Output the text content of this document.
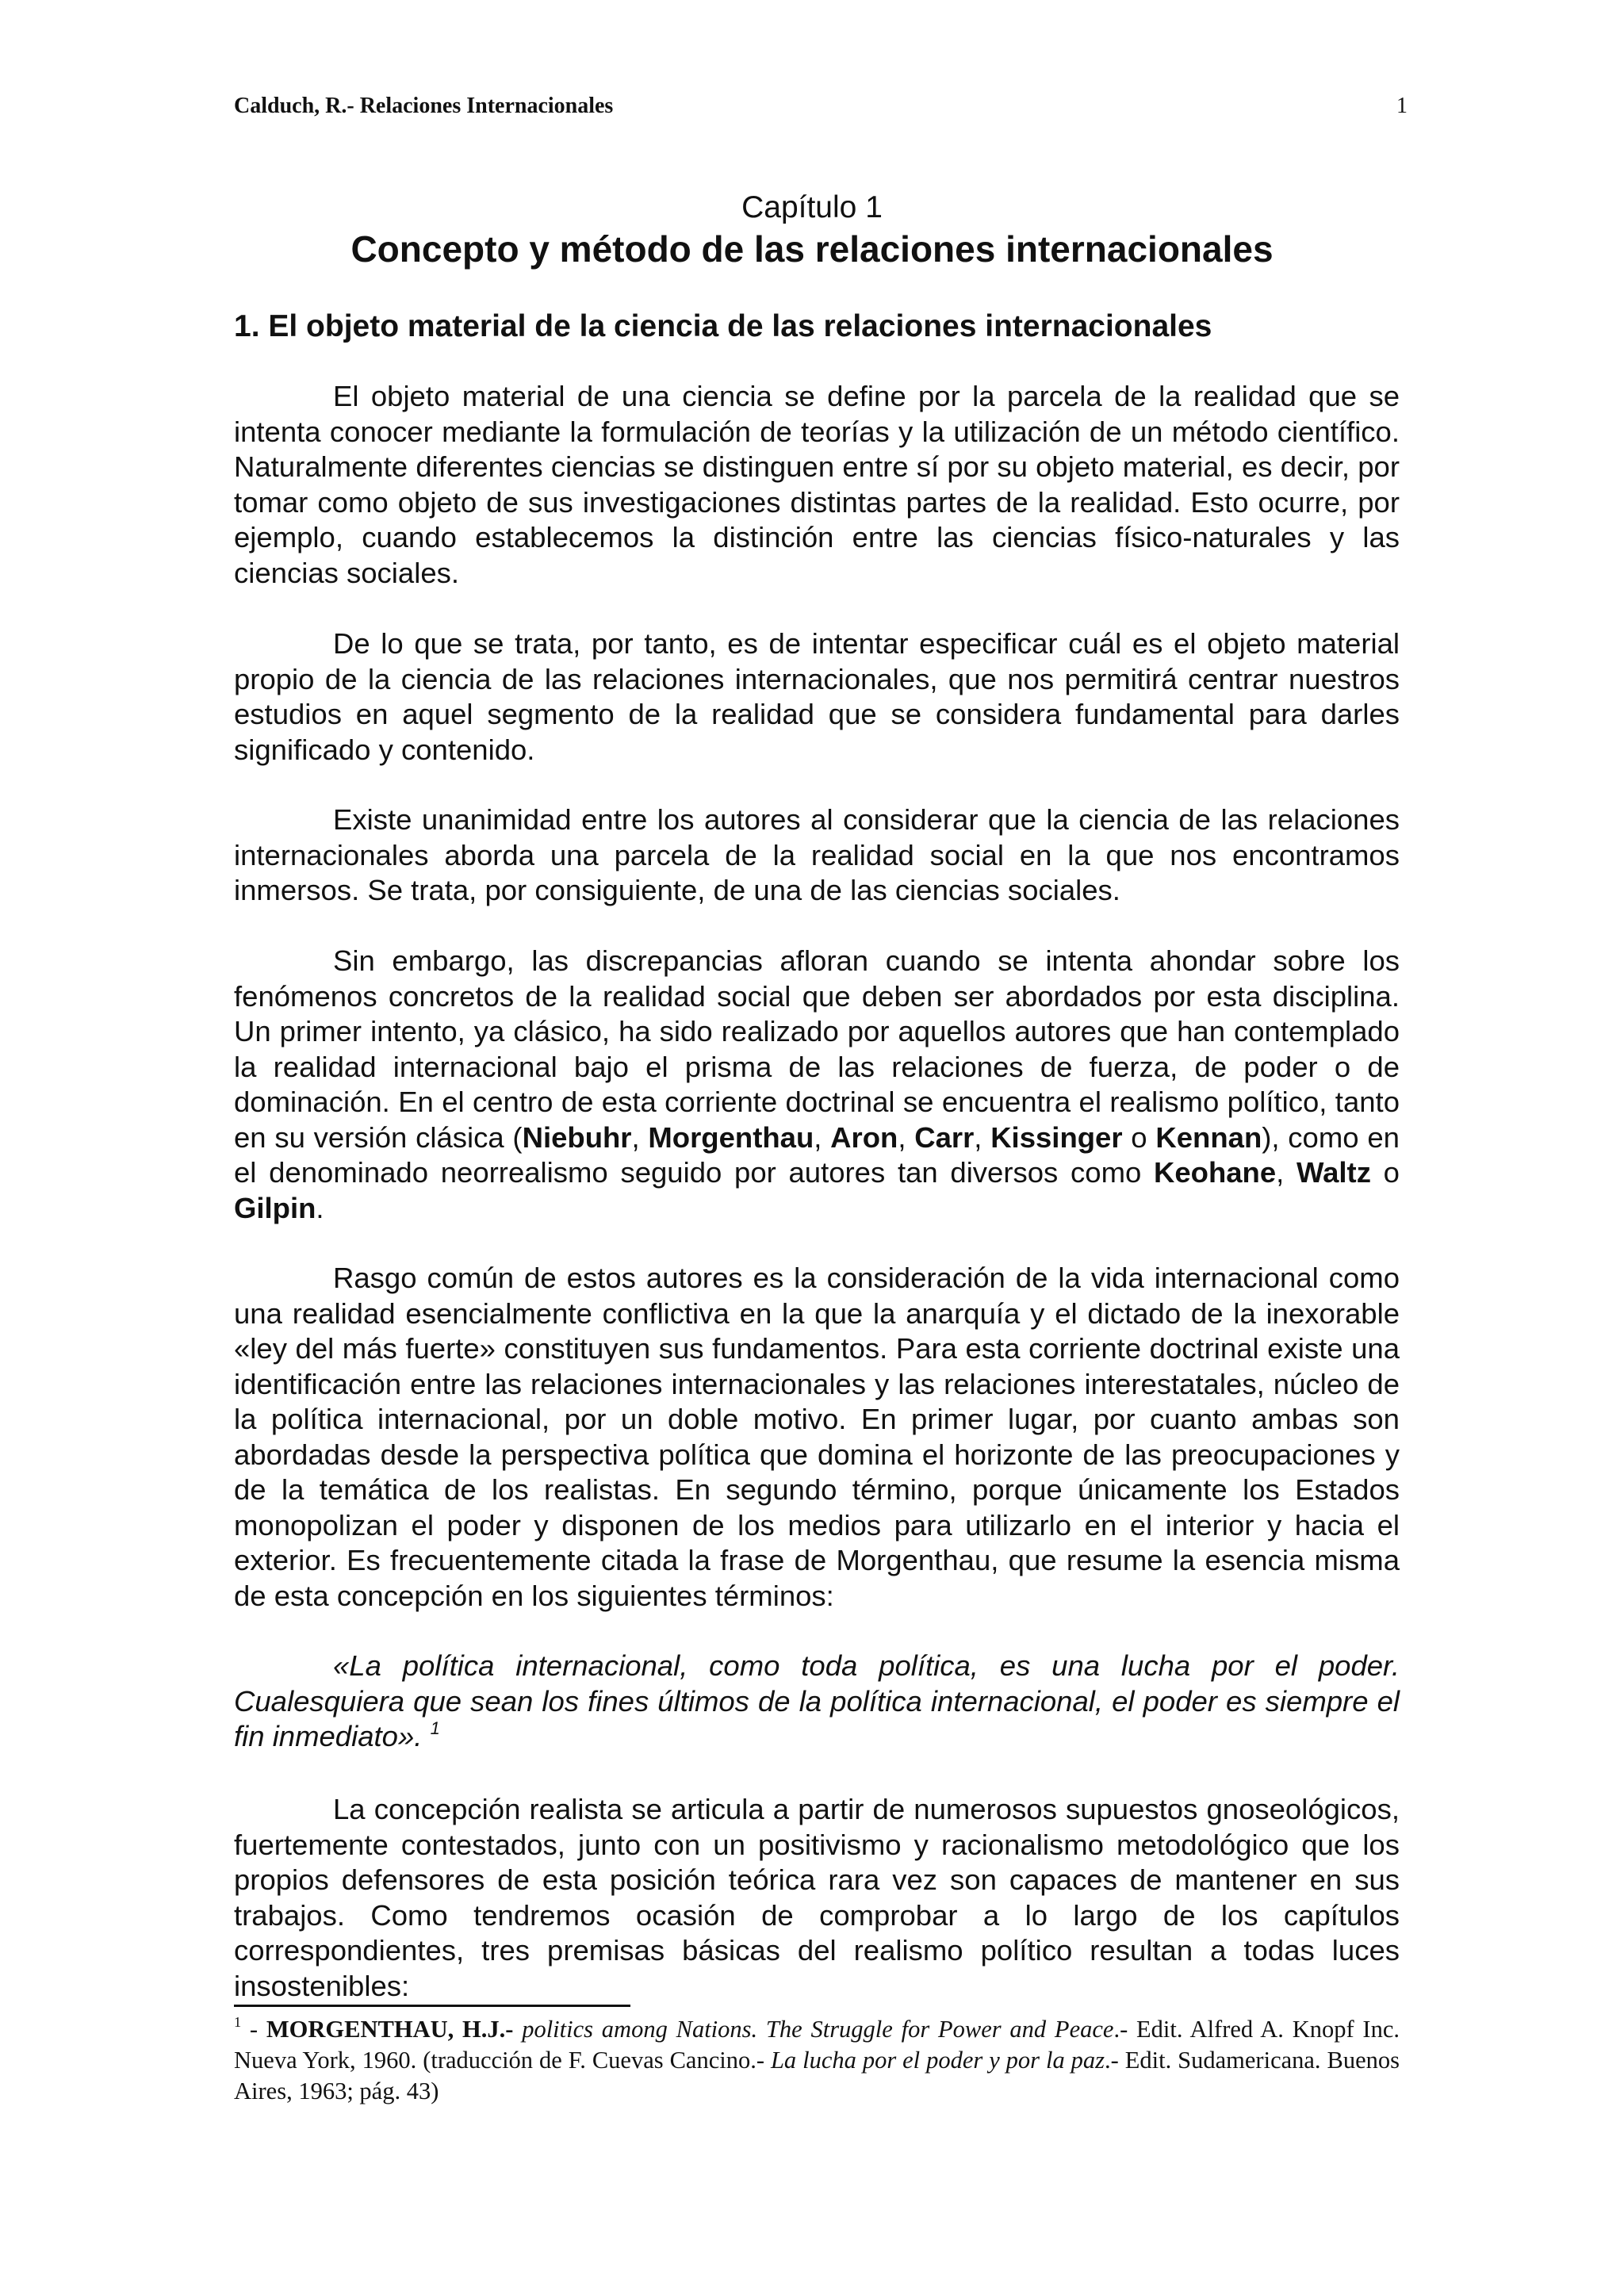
Calduch, R.- Relaciones Internacionales	1
Capítulo 1
Concepto y método de las relaciones internacionales
1. El objeto material de la ciencia de las relaciones internacionales

El objeto material de una ciencia se define por la parcela de la realidad que se intenta conocer mediante la formulación de teorías y la utilización de un método científico. Naturalmente diferentes ciencias se distinguen entre sí por su objeto material, es decir, por tomar como objeto de sus investigaciones distintas partes de la realidad. Esto ocurre, por ejemplo, cuando establecemos la distinción entre las ciencias físico-naturales y las ciencias sociales.

De lo que se trata, por tanto, es de intentar especificar cuál es el objeto material propio de la ciencia de las relaciones internacionales, que nos permitirá centrar nuestros estudios en aquel segmento de la realidad que se considera fundamental para darles significado y contenido.

Existe unanimidad entre los autores al considerar que la ciencia de las relaciones internacionales aborda una parcela de la realidad social en la que nos encontramos inmersos. Se trata, por consiguiente, de una de las ciencias sociales.

Sin embargo, las discrepancias afloran cuando se intenta ahondar sobre los fenómenos concretos de la realidad social que deben ser abordados por esta disciplina. Un primer intento, ya clásico, ha sido realizado por aquellos autores que han contemplado la realidad internacional bajo el prisma de las relaciones de fuerza, de poder o de dominación. En el centro de esta corriente doctrinal se encuentra el realismo político, tanto en su versión clásica (Niebuhr, Morgenthau, Aron, Carr, Kissinger o Kennan), como en el denominado neorrealismo seguido por autores tan diversos como Keohane, Waltz o Gilpin.

Rasgo común de estos autores es la consideración de la vida internacional como una realidad esencialmente conflictiva en la que la anarquía y el dictado de la inexorable «ley del más fuerte» constituyen sus fundamentos. Para esta corriente doctrinal existe una identificación entre las relaciones internacionales y las relaciones interestatales, núcleo de la política internacional, por un doble motivo. En primer lugar, por cuanto ambas son abordadas desde la perspectiva política que domina el horizonte de las preocupaciones y de la temática de los realistas. En segundo término, porque únicamente los Estados monopolizan el poder y disponen de los medios para utilizarlo en el interior y hacia el exterior. Es frecuentemente citada la frase de Morgenthau, que resume la esencia misma de esta concepción en los siguientes términos:

«La política internacional, como toda política, es una lucha por el poder. Cualesquiera que sean los fines últimos de la política internacional, el poder es siempre el fin inmediato». $^1$

La concepción realista se articula a partir de numerosos supuestos gnoseológicos, fuertemente contestados, junto con un positivismo y racionalismo metodológico que los propios defensores de esta posición teórica rara vez son capaces de mantener en sus trabajos. Como tendremos ocasión de comprobar a lo largo de los capítulos correspondientes, tres premisas básicas del realismo político resultan a todas luces insostenibles:

$^1$ - MORGENTHAU, H.J.- politics among Nations. The Struggle for Power and Peace.- Edit. Alfred A. Knopf Inc. Nueva York, 1960. (traducción de F. Cuevas Cancino.- La lucha por el poder y por la paz.- Edit. Sudamericana. Buenos Aires, 1963; pág. 43)
